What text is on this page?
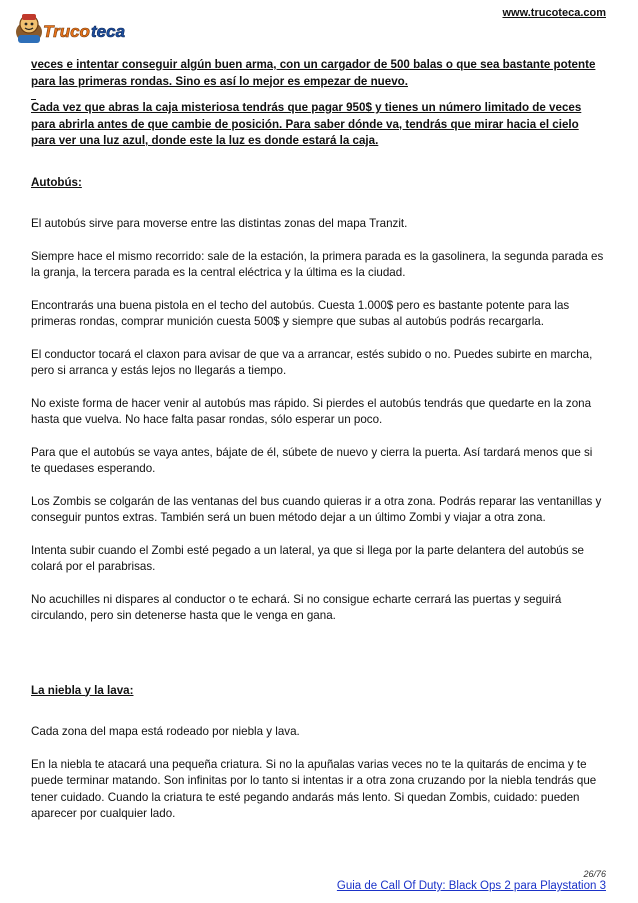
www.trucoteca.com
Truco teca

veces e intentar conseguir algún buen arma, con un cargador de 500 balas o que sea bastante potente para las primeras rondas. Sino es así lo mejor es empezar de nuevo.

Cada vez que abras la caja misteriosa tendrás que pagar 950$ y tienes un número limitado de veces para abrirla antes de que cambie de posición. Para saber dónde va, tendrás que mirar hacia el cielo para ver una luz azul, donde este la luz es donde estará la caja.

Autobús:

El autobús sirve para moverse entre las distintas zonas del mapa Tranzit.

Siempre hace el mismo recorrido: sale de la estación, la primera parada es la gasolinera, la segunda parada es la granja, la tercera parada es la central eléctrica y la última es la ciudad.

Encontrarás una buena pistola en el techo del autobús. Cuesta 1.000$ pero es bastante potente para las primeras rondas, comprar munición cuesta 500$ y siempre que subas al autobús podrás recargarla.

El conductor tocará el claxon para avisar de que va a arrancar, estés subido o no. Puedes subirte en marcha, pero si arranca y estás lejos no llegarás a tiempo.

No existe forma de hacer venir al autobús mas rápido. Si pierdes el autobús tendrás que quedarte en la zona hasta que vuelva. No hace falta pasar rondas, sólo esperar un poco.

Para que el autobús se vaya antes, bájate de él, súbete de nuevo y cierra la puerta. Así tardará menos que si te quedases esperando.

Los Zombis se colgarán de las ventanas del bus cuando quieras ir a otra zona. Podrás reparar las ventanillas y conseguir puntos extras. También será un buen método dejar a un último Zombi y viajar a otra zona.

Intenta subir cuando el Zombi esté pegado a un lateral, ya que si llega por la parte delantera del autobús se colará por el parabrisas.

No acuchilles ni dispares al conductor o te echará. Si no consigue echarte cerrará las puertas y seguirá circulando, pero sin detenerse hasta que le venga en gana.

La niebla y la lava:

Cada zona del mapa está rodeado por niebla y lava.

En la niebla te atacará una pequeña criatura. Si no la apuñalas varias veces no te la quitarás de encima y te puede terminar matando. Son infinitas por lo tanto si intentas ir a otra zona cruzando por la niebla tendrás que tener cuidado. Cuando la criatura te esté pegando andarás más lento. Si quedan Zombis, cuidado: pueden aparecer por cualquier lado.

26/76
Guia de Call Of Duty: Black Ops 2 para Playstation 3
